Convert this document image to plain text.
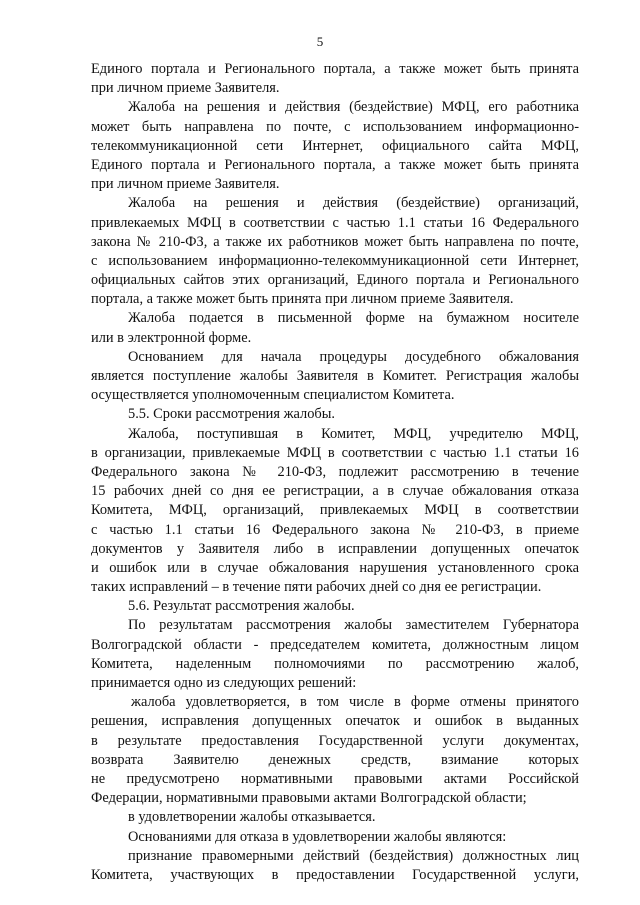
5
Единого портала и Регионального портала, а также может быть принята
при личном приеме Заявителя.
Жалоба на решения и действия (бездействие) МФЦ, его работника
может быть направлена по почте, с использованием информационно-
телекоммуникационной сети Интернет, официального сайта МФЦ,
Единого портала и Регионального портала, а также может быть принята
при личном приеме Заявителя.
Жалоба на решения и действия (бездействие) организаций,
привлекаемых МФЦ в соответствии с частью 1.1 статьи 16 Федерального
закона № 210-ФЗ, а также их работников может быть направлена по почте,
с использованием информационно-телекоммуникационной сети Интернет,
официальных сайтов этих организаций, Единого портала и Регионального
портала, а также может быть принята при личном приеме Заявителя.
Жалоба подается в письменной форме на бумажном носителе
или в электронной форме.
Основанием для начала процедуры досудебного обжалования
является поступление жалобы Заявителя в Комитет. Регистрация жалобы
осуществляется уполномоченным специалистом Комитета.
5.5. Сроки рассмотрения жалобы.
Жалоба, поступившая в Комитет, МФЦ, учредителю МФЦ,
в организации, привлекаемые МФЦ в соответствии с частью 1.1 статьи 16
Федерального закона № 210-ФЗ, подлежит рассмотрению в течение
15 рабочих дней со дня ее регистрации, а в случае обжалования отказа
Комитета, МФЦ, организаций, привлекаемых МФЦ в соответствии
с частью 1.1 статьи 16 Федерального закона № 210-ФЗ, в приеме
документов у Заявителя либо в исправлении допущенных опечаток
и ошибок или в случае обжалования нарушения установленного срока
таких исправлений – в течение пяти рабочих дней со дня ее регистрации.
5.6. Результат рассмотрения жалобы.
По результатам рассмотрения жалобы заместителем Губернатора
Волгоградской области - председателем комитета, должностным лицом
Комитета, наделенным полномочиями по рассмотрению жалоб,
принимается одно из следующих решений:
жалоба удовлетворяется, в том числе в форме отмены принятого
решения, исправления допущенных опечаток и ошибок в выданных
в результате предоставления Государственной услуги документах,
возврата Заявителю денежных средств, взимание которых
не предусмотрено нормативными правовыми актами Российской
Федерации, нормативными правовыми актами Волгоградской области;
в удовлетворении жалобы отказывается.
Основаниями для отказа в удовлетворении жалобы являются:
признание правомерными действий (бездействия) должностных лиц
Комитета, участвующих в предоставлении Государственной услуги,
